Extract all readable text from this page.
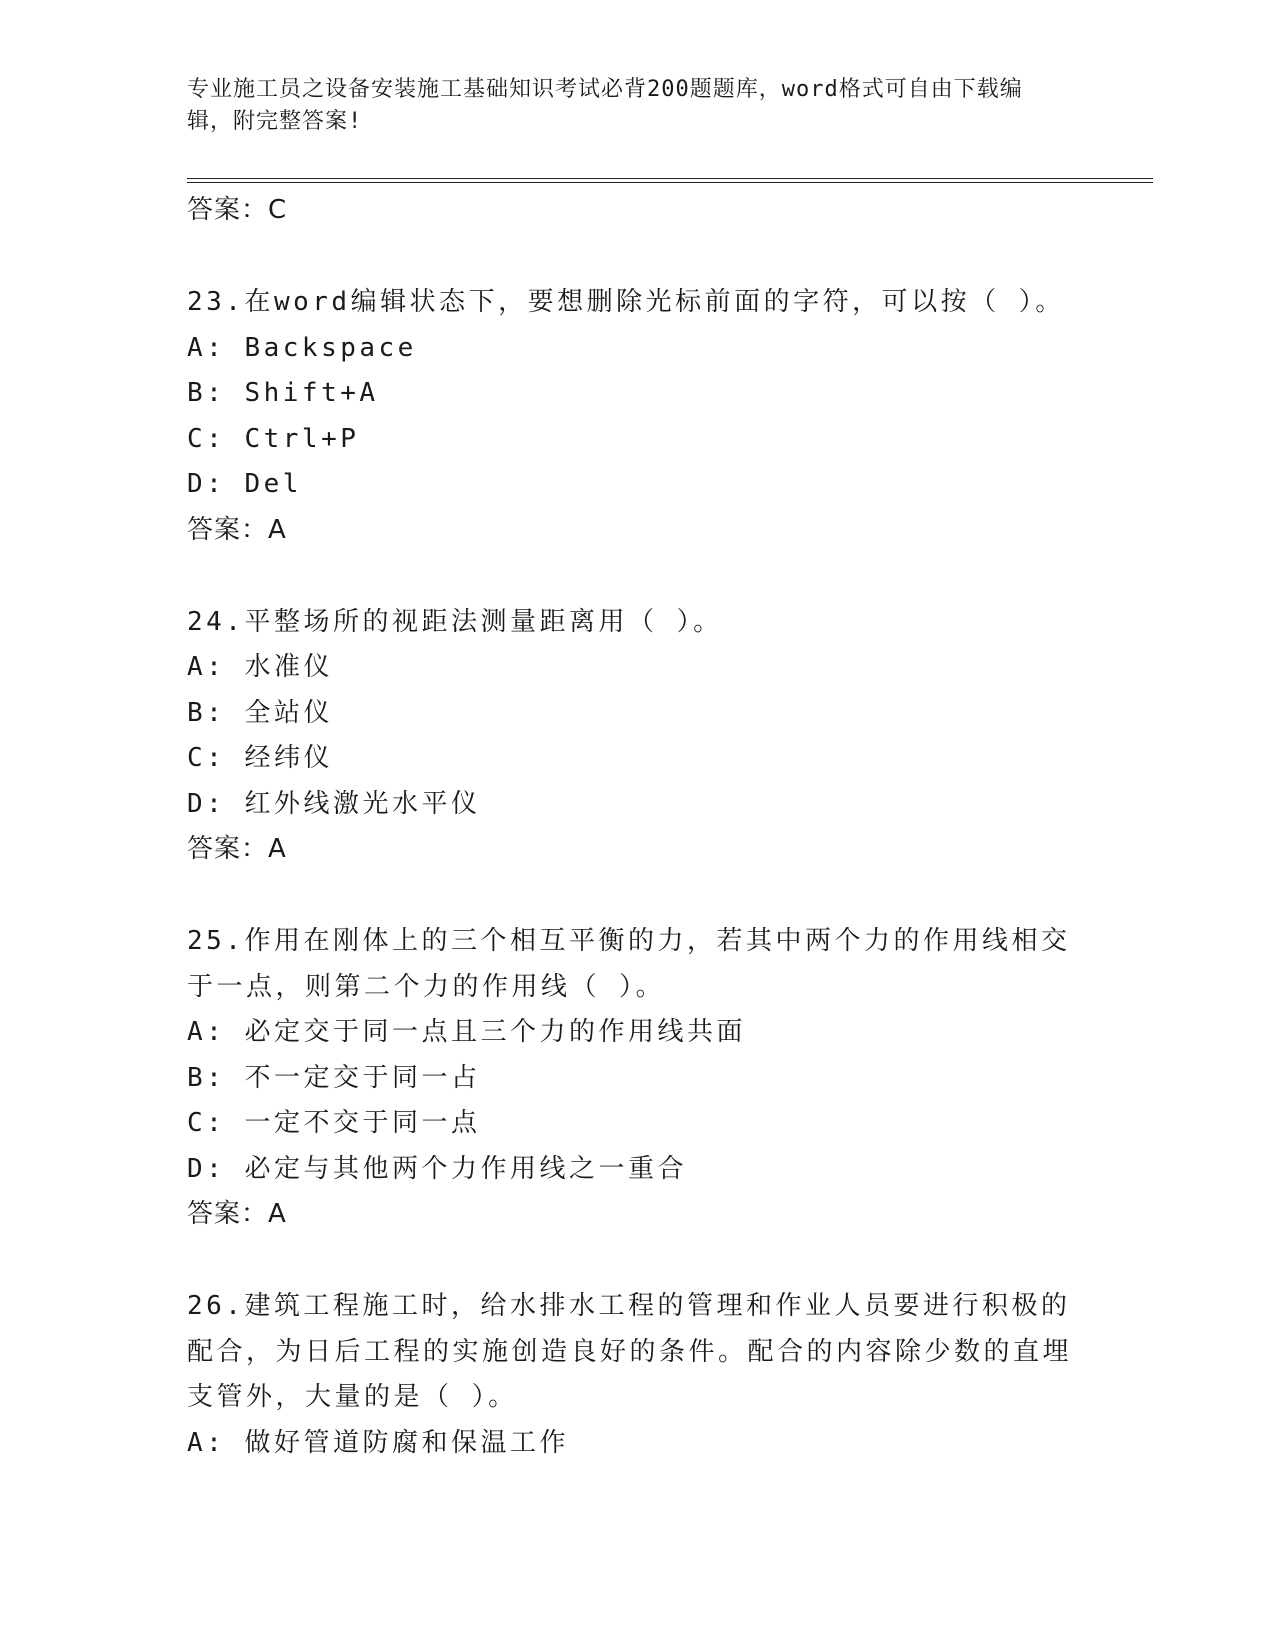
专业施工员之设备安装施工基础知识考试必背200题题库，word格式可自由下载编辑，附完整答案!
答案：C
23.在word编辑状态下，要想删除光标前面的字符，可以按（ ）。
A: Backspace
B: Shift+A
C: Ctrl+P
D: Del
答案：A
24.平整场所的视距法测量距离用（ ）。
A: 水准仪
B: 全站仪
C: 经纬仪
D: 红外线激光水平仪
答案：A
25.作用在刚体上的三个相互平衡的力，若其中两个力的作用线相交于一点，则第二个力的作用线（ ）。
A: 必定交于同一点且三个力的作用线共面
B: 不一定交于同一占
C: 一定不交于同一点
D: 必定与其他两个力作用线之一重合
答案：A
26.建筑工程施工时，给水排水工程的管理和作业人员要进行积极的配合，为日后工程的实施创造良好的条件。配合的内容除少数的直埋支管外，大量的是（ ）。
A: 做好管道防腐和保温工作
